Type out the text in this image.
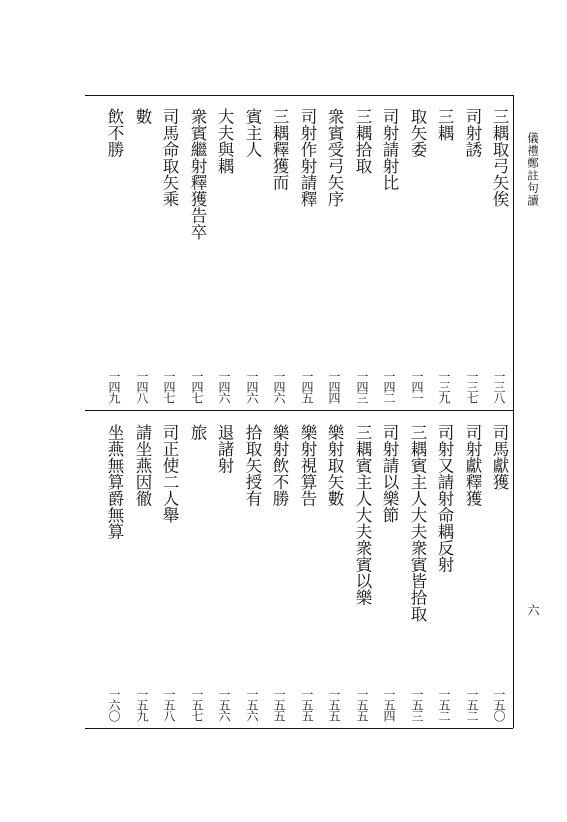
儀禮鄭註句讀
六
三耦取弓矢俟
一三八
司射誘
一三七
三耦
一三九
取矢委
一四一
司射請射比
一四二
三耦拾取
一四三
衆賓受弓矢序
一四四
司射作射請釋
一四五
三耦釋獲而
一四六
賓主人
一四六
大夫與耦
一四六
衆賓繼射釋獲告卒
一四七
司馬命取矢乘
一四七
數
一四八
飲不勝
一四九
司馬獻獲
一五〇
司射獻釋獲
一五二
司射又請射命耦反射
一五二
三耦賓主人大夫衆賓皆拾取
一五三
司射請以樂節
一五四
三耦賓主人大夫衆賓以樂
一五五
樂射取矢數
一五五
樂射視算告
一五五
樂射飲不勝
一五五
拾取矢授有
一五六
退諸射
一五六
旅
一五七
司正使二人舉
一五八
請坐燕因徹
一五九
坐燕無算爵無算
一六〇
